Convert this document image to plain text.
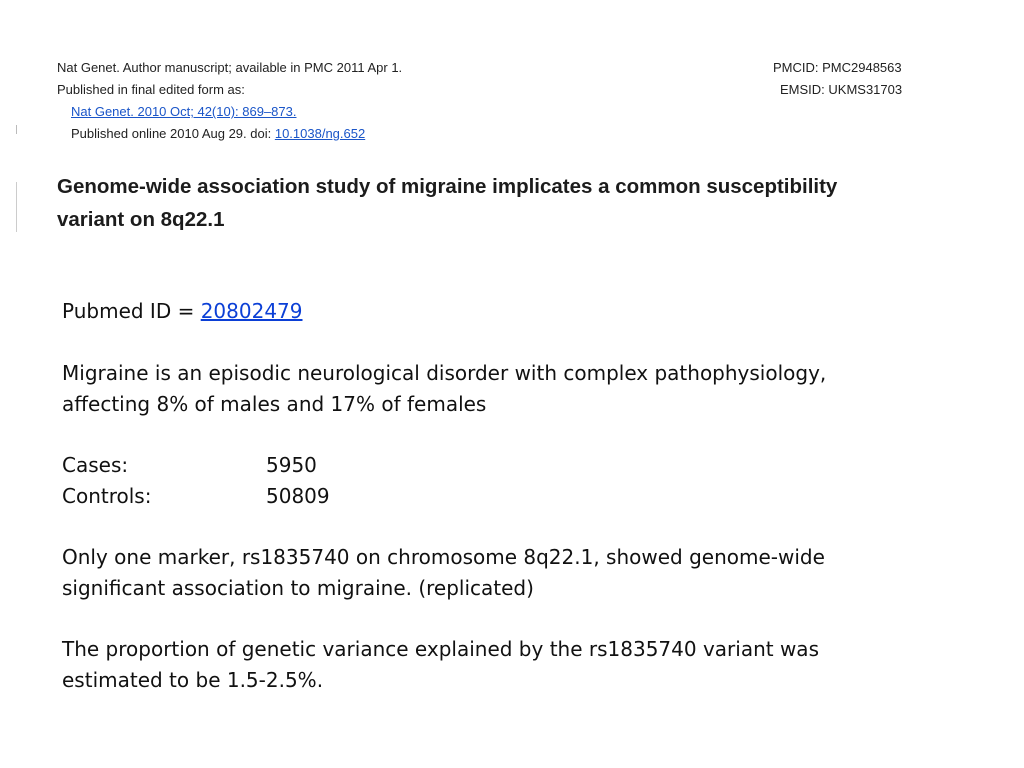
Nat Genet. Author manuscript; available in PMC 2011 Apr 1.
Published in final edited form as:
Nat Genet. 2010 Oct; 42(10): 869–873.
Published online 2010 Aug 29. doi: 10.1038/ng.652
PMCID: PMC2948563
EMSID: UKMS31703
Genome-wide association study of migraine implicates a common susceptibility
variant on 8q22.1
Pubmed ID = 20802479
Migraine is an episodic neurological disorder with complex pathophysiology,
affecting 8% of males and 17% of females
Cases:	5950
Controls:	50809
Only one marker, rs1835740 on chromosome 8q22.1, showed genome-wide
significant association to migraine. (replicated)
The proportion of genetic variance explained by the rs1835740 variant was
estimated to be 1.5-2.5%.
